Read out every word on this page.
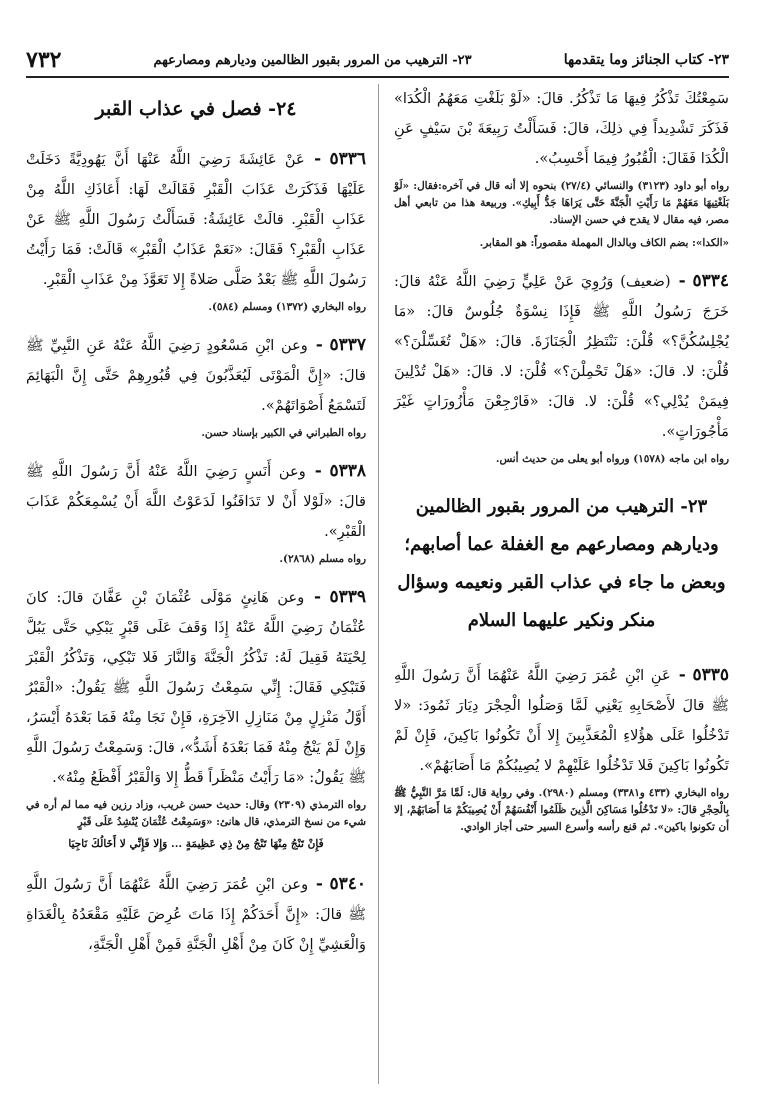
٢٣- كتاب الجنائز وما يتقدمها
٢٣- الترهيب من المرور بقبور الظالمين وديارهم ومصارعهم
٧٣٢

سَمِعْتُكَ تَذْكُرُ فِيهَا مَا تَذْكُرُ. قالَ: «لَوْ بَلَغْتِ مَعَهُمُ الْكُدَا» فَذَكَرَ تَشْدِيداً فِي ذلِكَ، قالَ: فَسَأَلْتُ رَبِيعَةَ بْنَ سَيْفٍ عَنِ الْكُدَا فَقَالَ: الْقُبُورُ فِيمَا أَحْسِبُ».

رواه أبو داود (٣١٢٣) والنسائي (٢٧/٤) بنحوه إلا أنه قال في آخره:فقال: «لَوْ بَلَغْتِيهَا مَعَهُمْ مَا رَأَيْتِ الْجَنَّةَ حَتَّى يَرَاهَا جَدُّ أَبِيكِ». وربيعة هذا من تابعي أهل مصر، فيه مقال لا يقدح في حسن الإسناد.

«الكدا»: بضم الكاف وبالدال المهملة مقصوراً: هو المقابر.

٥٣٣٤ - (ضعيف) وَرُوِيَ عَنْ عَلِيٍّ رَضِيَ اللَّهُ عَنْهُ قالَ: خَرَجَ رَسُولُ اللَّهِ ﷺ فَإِذَا نِسْوَةٌ جُلُوسٌ قالَ: «مَا يُجْلِسُكُنَّ؟» قُلْنَ: نَنْتَظِرُ الْجَنَازَةَ. قالَ: «هَلْ تُغَسِّلْنَ؟» قُلْنَ: لا. قالَ: «هَلْ تَحْمِلْنَ؟» قُلْنَ: لا. قالَ: «هَلْ تُدْلِينَ فِيمَنْ يُدْلِي؟» قُلْنَ: لا. قالَ: «فَارْجِعْنَ مَأْزُورَاتٍ غَيْرَ مَأْجُورَاتٍ».

رواه ابن ماجه (١٥٧٨) ورواه أبو يعلى من حديث أنس.

٢٣- الترهيب من المرور بقبور الظالمين وديارهم ومصارعهم مع الغفلة عما أصابهم؛ وبعض ما جاء في عذاب القبر ونعيمه وسؤال منكر ونكير عليهما السلام

٥٣٣٥ - عَنِ ابْنِ عُمَرَ رَضِيَ اللَّهُ عَنْهُمَا أَنَّ رَسُولَ اللَّهِ ﷺ قالَ لأَصْحَابِهِ يَعْنِي لَمَّا وَصَلُوا الْحِجْرَ دِيَارَ ثَمُودَ: «لا تَدْخُلُوا عَلَى هؤُلاءِ الْمُعَذَّبِينَ إِلا أَنْ تَكُونُوا بَاكِينَ، فَإِنْ لَمْ تَكُونُوا بَاكِينَ فَلا تَدْخُلُوا عَلَيْهِمْ لا يُصِيبُكُمْ مَا أَصَابَهُمْ».

رواه البخاري (٤٣٣ و٣٣٨١) ومسلم (٢٩٨٠). وفي رواية قال: لَمَّا مَرَّ النَّبِيُّ ﷺ بِالْحِجْرِ قالَ: «لا تَدْخُلُوا مَسَاكِنَ الَّذِينَ ظَلَمُوا أَنْفُسَهُمْ أَنْ يُصِيبَكُمْ مَا أَصَابَهُمْ، إلا أن تكونوا باكين». ثم قنع رأسه وأسرع السير حتى أجاز الوادي.

٢٤- فصل في عذاب القبر

٥٣٣٦ - عَنْ عَائِشَةَ رَضِيَ اللَّهُ عَنْهَا أَنَّ يَهُودِيَّةً دَخَلَتْ عَلَيْهَا فَذَكَرَتْ عَذَابَ الْقَبْرِ فَقَالَتْ لَهَا: أَعَاذَكِ اللَّهُ مِنْ عَذَابِ الْقَبْرِ. قالَتْ عَائِشَةُ: فَسَأَلْتُ رَسُولَ اللَّهِ ﷺ عَنْ عَذَابِ الْقَبْرِ؟ فَقَالَ: «نَعَمْ عَذَابُ الْقَبْرِ» قَالَتْ: فَمَا رَأَيْتُ رَسُولَ اللَّهِ ﷺ بَعْدُ صَلَّى صَلاةً إِلا تَعَوَّذَ مِنْ عَذَابِ الْقَبْرِ.

رواه البخاري (١٣٧٢) ومسلم (٥٨٤).

٥٣٣٧ - وعن ابْنِ مَسْعُودٍ رَضِيَ اللَّهُ عَنْهُ عَنِ النَّبِيِّ ﷺ قالَ: «إِنَّ الْمَوْتَى لَيُعَذَّبُونَ فِي قُبُورِهِمْ حَتَّى إِنَّ الْبَهَائِمَ لَتَسْمَعُ أَصْوَاتَهُمْ».

رواه الطبراني في الكبير بإسناد حسن.

٥٣٣٨ - وعن أَنَسٍ رَضِيَ اللَّهُ عَنْهُ أَنَّ رَسُولَ اللَّهِ ﷺ قالَ: «لَوْلا أَنْ لا تَدَافَنُوا لَدَعَوْتُ اللَّهَ أَنْ يُسْمِعَكُمْ عَذَابَ الْقَبْرِ».

رواه مسلم (٢٨٦٨).

٥٣٣٩ - وعن هَانِئٍ مَوْلَى عُثْمَانَ بْنِ عَفَّانَ قالَ: كانَ عُثْمَانُ رَضِيَ اللَّهُ عَنْهُ إِذَا وَقَفَ عَلَى قَبْرٍ يَبْكِي حَتَّى يَبُلَّ لِحْيَتَهُ فَقِيلَ لَهُ: تَذْكُرُ الْجَنَّةَ وَالنَّارَ فَلا تَبْكِي، وَتَذْكُرُ الْقَبْرَ فَتَبْكِي فَقَالَ: إِنِّي سَمِعْتُ رَسُولَ اللَّهِ ﷺ يَقُولُ: «الْقَبْرُ أَوَّلُ مَنْزِلٍ مِنْ مَنَازِلِ الآخِرَةِ، فَإِنْ نَجَا مِنْهُ فَمَا بَعْدَهُ أَيْسَرُ، وَإِنْ لَمْ يَنْجُ مِنْهُ فَمَا بَعْدَهُ أَشَدُّ»، قالَ: وَسَمِعْتُ رَسُولَ اللَّهِ ﷺ يَقُولُ: «مَا رَأَيْتُ مَنْظَراً قَطُّ إِلا وَالْقَبْرُ أَفْظَعُ مِنْهُ».

رواه الترمذي (٢٣٠٩) وقال: حديث حسن غريب، وزاد رزين فيه مما لم أره في شيء من نسخ الترمذي، قال هانئ: «وَسَمِعْتُ عُثْمَانَ يُنْشِدُ عَلَى قَبْرٍ

فَإِنْ تَنْجُ مِنْهَا تَنْجُ مِنْ ذِي عَظِيمَةٍ ... وَإِلا فَإِنِّي لا أَخَالُكَ نَاجِيَا

٥٣٤٠ - وعن ابْنِ عُمَرَ رَضِيَ اللَّهُ عَنْهُمَا أَنَّ رَسُولَ اللَّهِ ﷺ قالَ: «إِنَّ أَحَدَكُمْ إِذَا مَاتَ عُرِضَ عَلَيْهِ مَقْعَدُهُ بِالْغَدَاةِ وَالْعَشِيِّ إِنْ كَانَ مِنْ أَهْلِ الْجَنَّةِ فَمِنْ أَهْلِ الْجَنَّةِ،
